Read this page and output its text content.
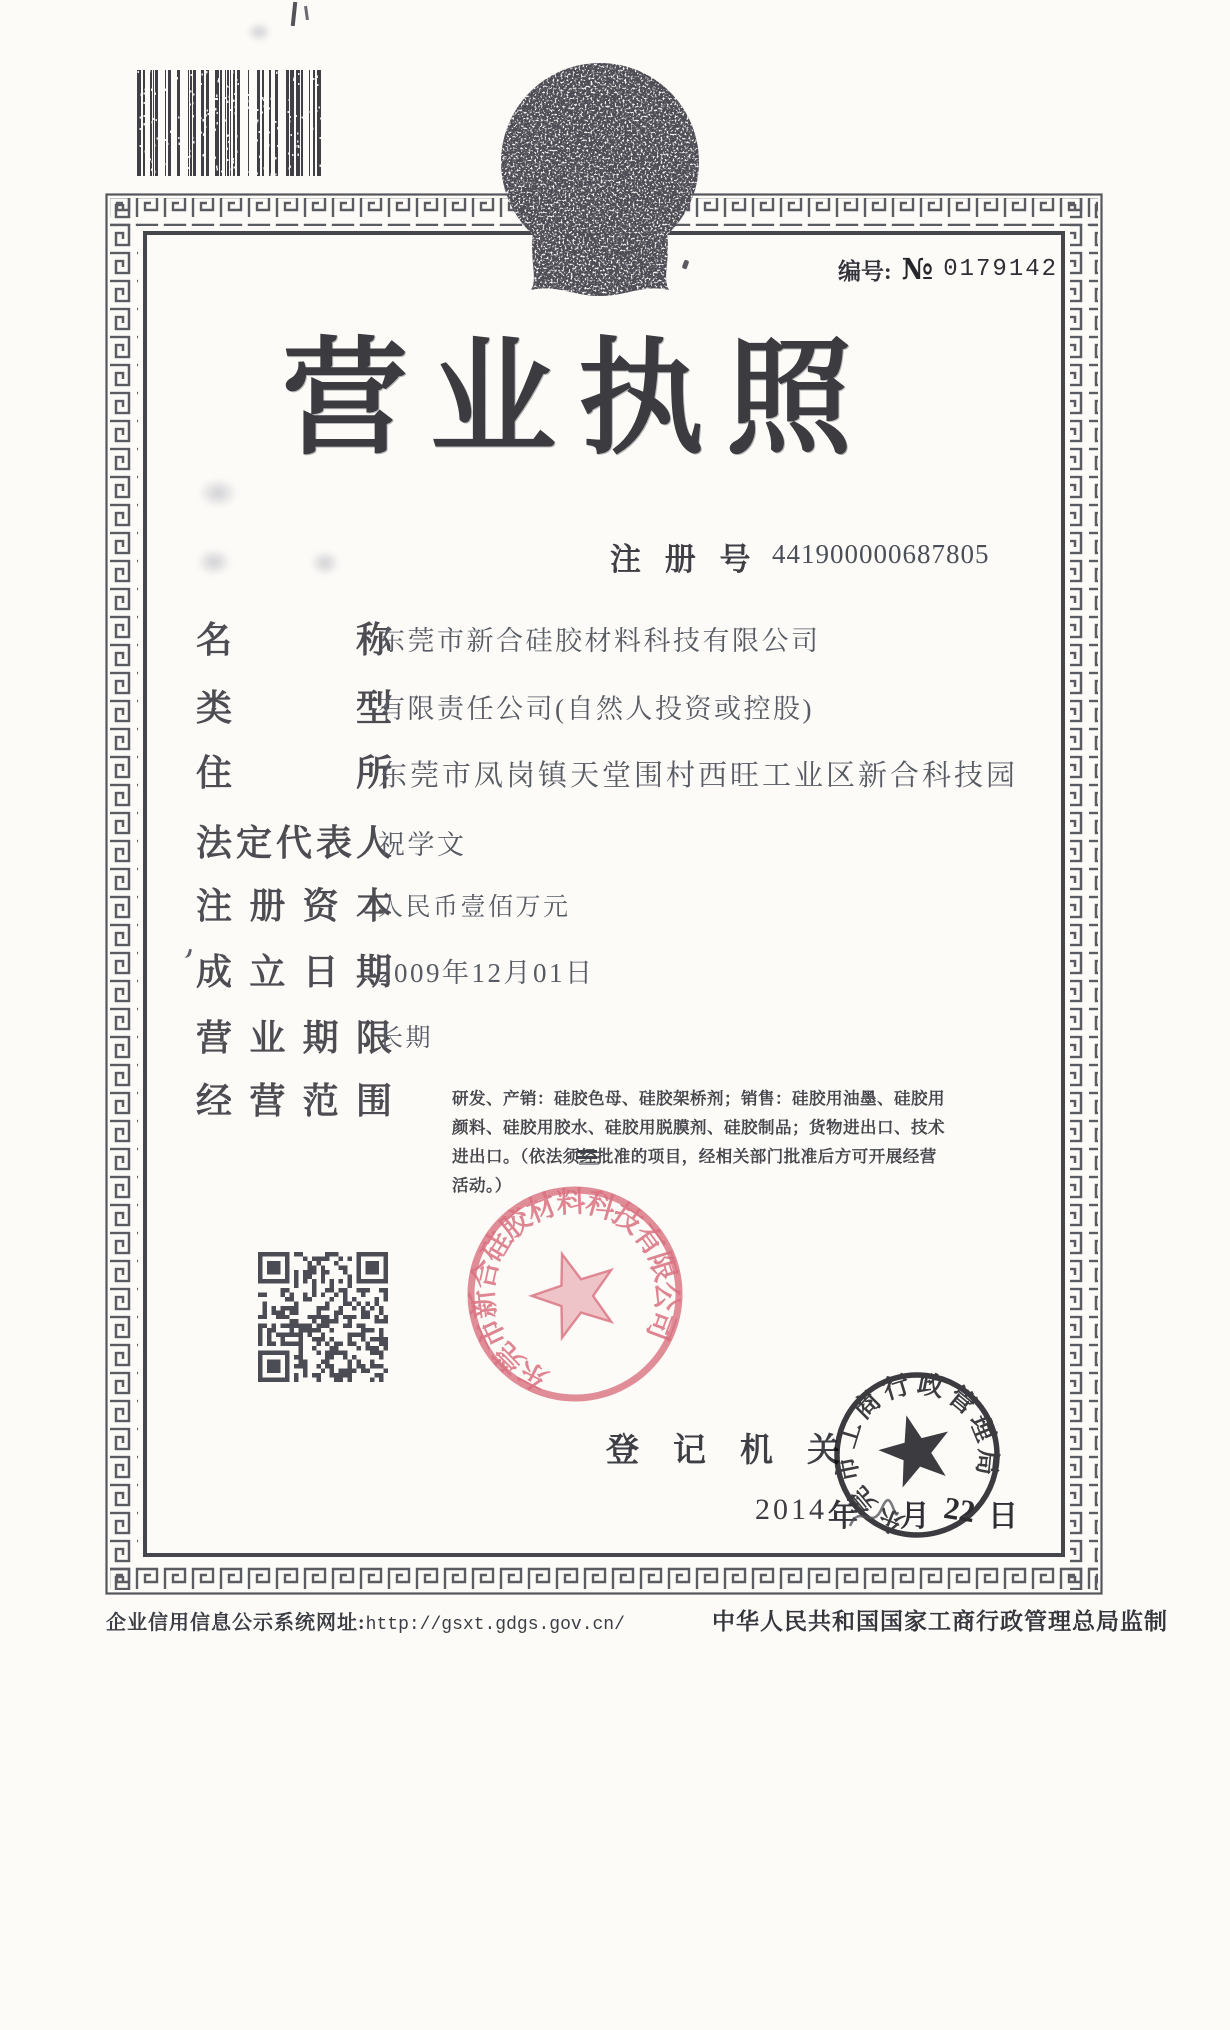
编号: № 0179142
营业执照
注 册 号 441900000687805
名称
东莞市新合硅胶材料科技有限公司
类型
有限责任公司(自然人投资或控股)
住所
东莞市凤岗镇天堂围村西旺工业区新合科技园
法定代表人
祝学文
注册资本
人民币壹佰万元
成立日期
2009年12月01日
营业期限
长期
经营范围	研发、产销：硅胶色母、硅胶架桥剂；销售：硅胶用油墨、硅胶用
颜料、硅胶用胶水、硅胶用脱膜剂、硅胶制品；货物进出口、技术
进出口。（依法须经批准的项目，经相关部门批准后方可开展经营
活动。）
东莞市新合硅胶材料科技有限公司
登记机关
2014 年 月 22 日
东莞市工商行政管理局
企业信用信息公示系统网址: http://gsxt.gdgs.gov.cn/	中华人民共和国国家工商行政管理总局监制
